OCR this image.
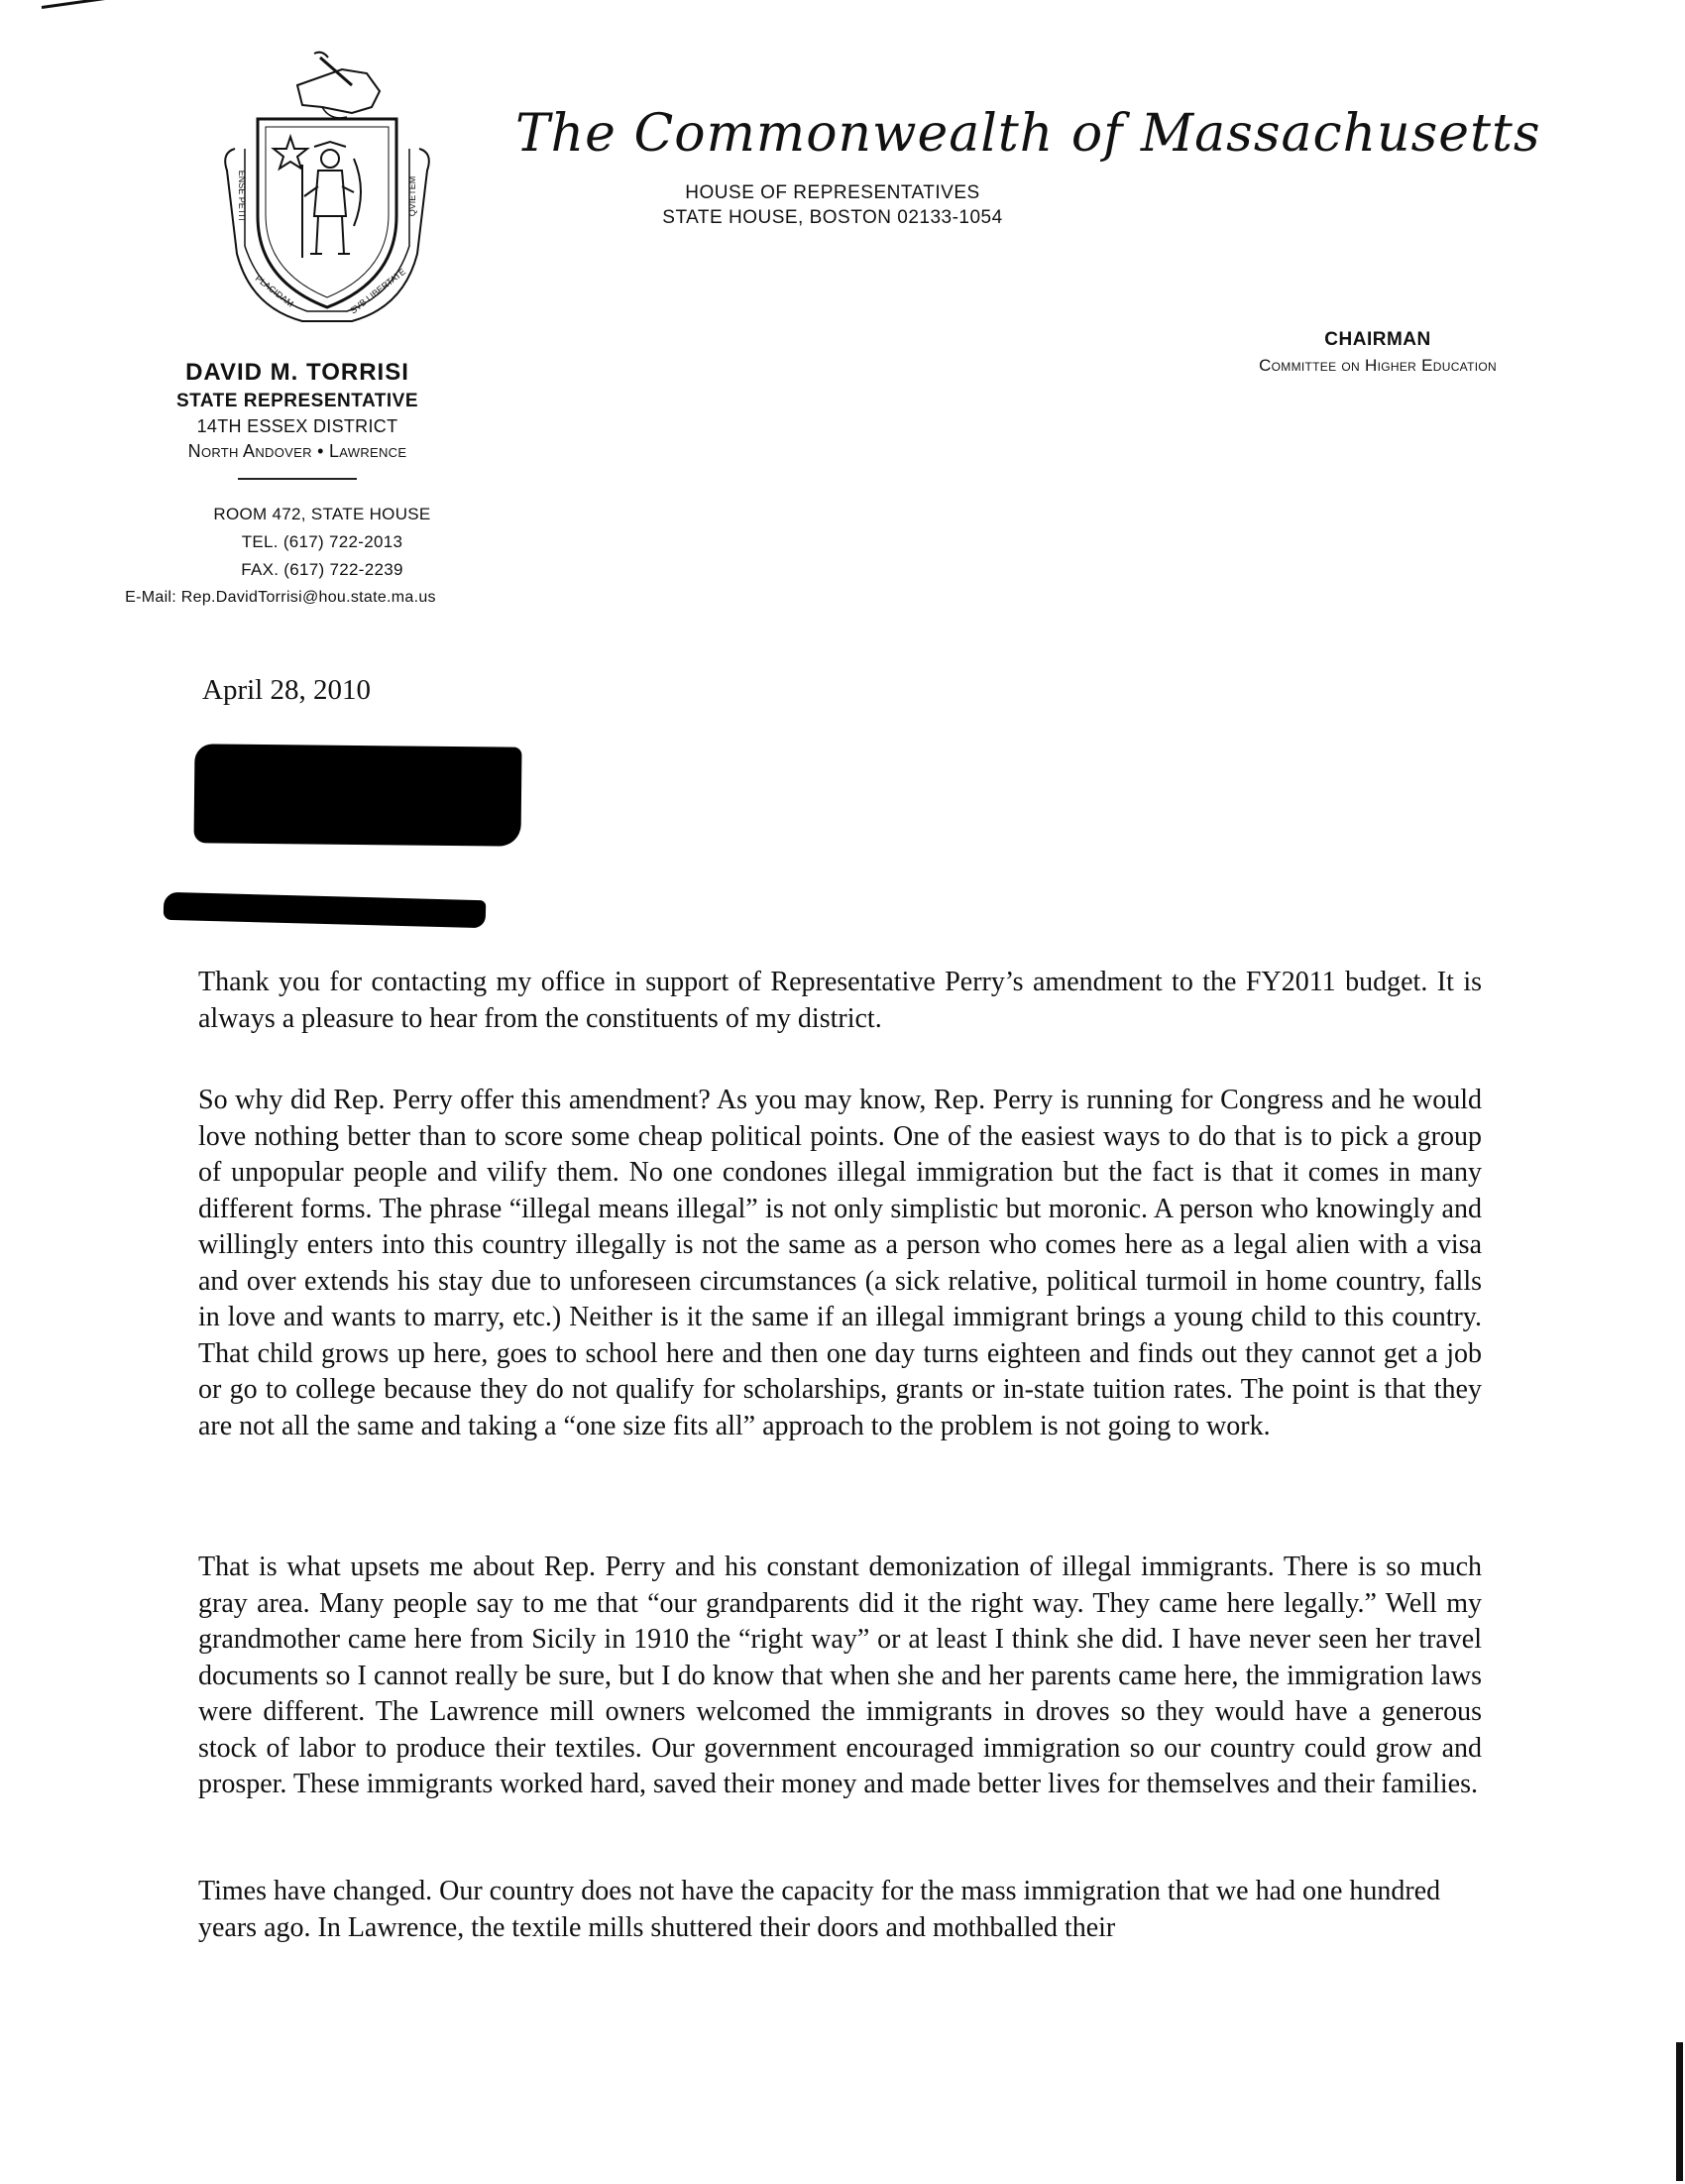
ENSE PETIT
PLACIDAM	SVB LIBERTATE
QVIETEM
The Commonwealth of Massachusetts
HOUSE OF REPRESENTATIVES
STATE HOUSE, BOSTON 02133-1054
CHAIRMAN
Committee on Higher Education
DAVID M. TORRISI
STATE REPRESENTATIVE
14TH ESSEX DISTRICT
North Andover • Lawrence
ROOM 472, STATE HOUSE
TEL. (617) 722-2013
FAX. (617) 722-2239
E-Mail: Rep.DavidTorrisi@hou.state.ma.us
April 28, 2010
Thank you for contacting my office in support of Representative Perry’s amendment to the FY2011 budget. It is always a pleasure to hear from the constituents of my district.
So why did Rep. Perry offer this amendment? As you may know, Rep. Perry is running for Congress and he would love nothing better than to score some cheap political points. One of the easiest ways to do that is to pick a group of unpopular people and vilify them. No one condones illegal immigration but the fact is that it comes in many different forms. The phrase “illegal means illegal” is not only simplistic but moronic. A person who knowingly and willingly enters into this country illegally is not the same as a person who comes here as a legal alien with a visa and over extends his stay due to unforeseen circumstances (a sick relative, political turmoil in home country, falls in love and wants to marry, etc.) Neither is it the same if an illegal immigrant brings a young child to this country. That child grows up here, goes to school here and then one day turns eighteen and finds out they cannot get a job or go to college because they do not qualify for scholarships, grants or in-state tuition rates. The point is that they are not all the same and taking a “one size fits all” approach to the problem is not going to work.
That is what upsets me about Rep. Perry and his constant demonization of illegal immigrants. There is so much gray area. Many people say to me that “our grandparents did it the right way. They came here legally.” Well my grandmother came here from Sicily in 1910 the “right way” or at least I think she did. I have never seen her travel documents so I cannot really be sure, but I do know that when she and her parents came here, the immigration laws were different. The Lawrence mill owners welcomed the immigrants in droves so they would have a generous stock of labor to produce their textiles. Our government encouraged immigration so our country could grow and prosper. These immigrants worked hard, saved their money and made better lives for themselves and their families.
Times have changed. Our country does not have the capacity for the mass immigration that we had one hundred years ago. In Lawrence, the textile mills shuttered their doors and mothballed their
